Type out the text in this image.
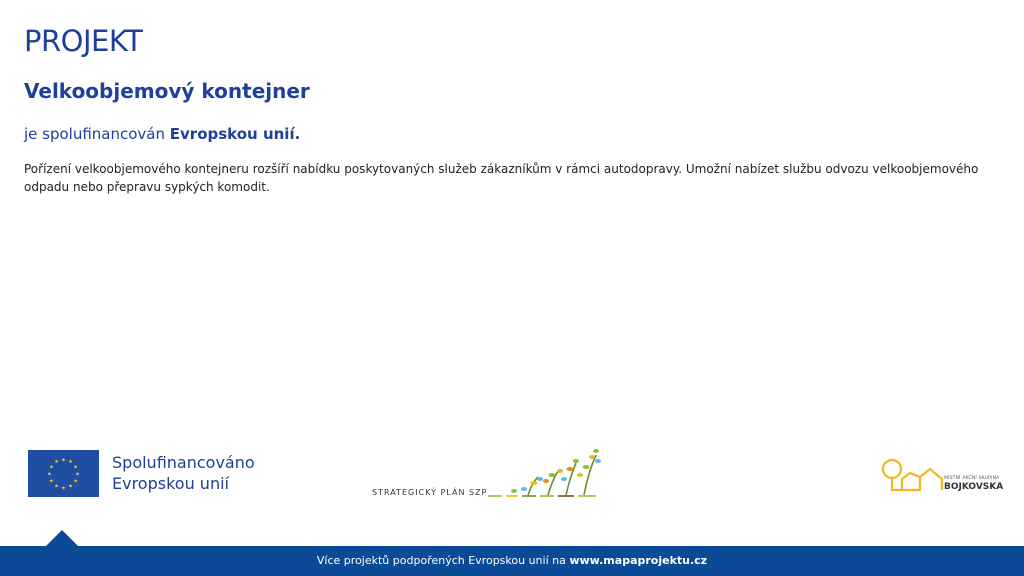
PROJEKT
Velkoobjemový kontejner
je spolufinancován Evropskou unií.
Pořízení velkoobjemového kontejneru rozšíří nabídku poskytovaných služeb zákazníkům v rámci autodopravy. Umožní nabízet službu odvozu velkoobjemového odpadu nebo přepravu sypkých komodit.
★ ★
★
★
★
★
★
★
★
★
★
★	Spolufinancováno
Evropskou unií	STRATEGICKÝ PLÁN SZP
MÍSTNÍ AKČNÍ SKUPINA
BOJKOVSKA
Více projektů podpořených Evropskou unií na www.mapaprojektu.cz
